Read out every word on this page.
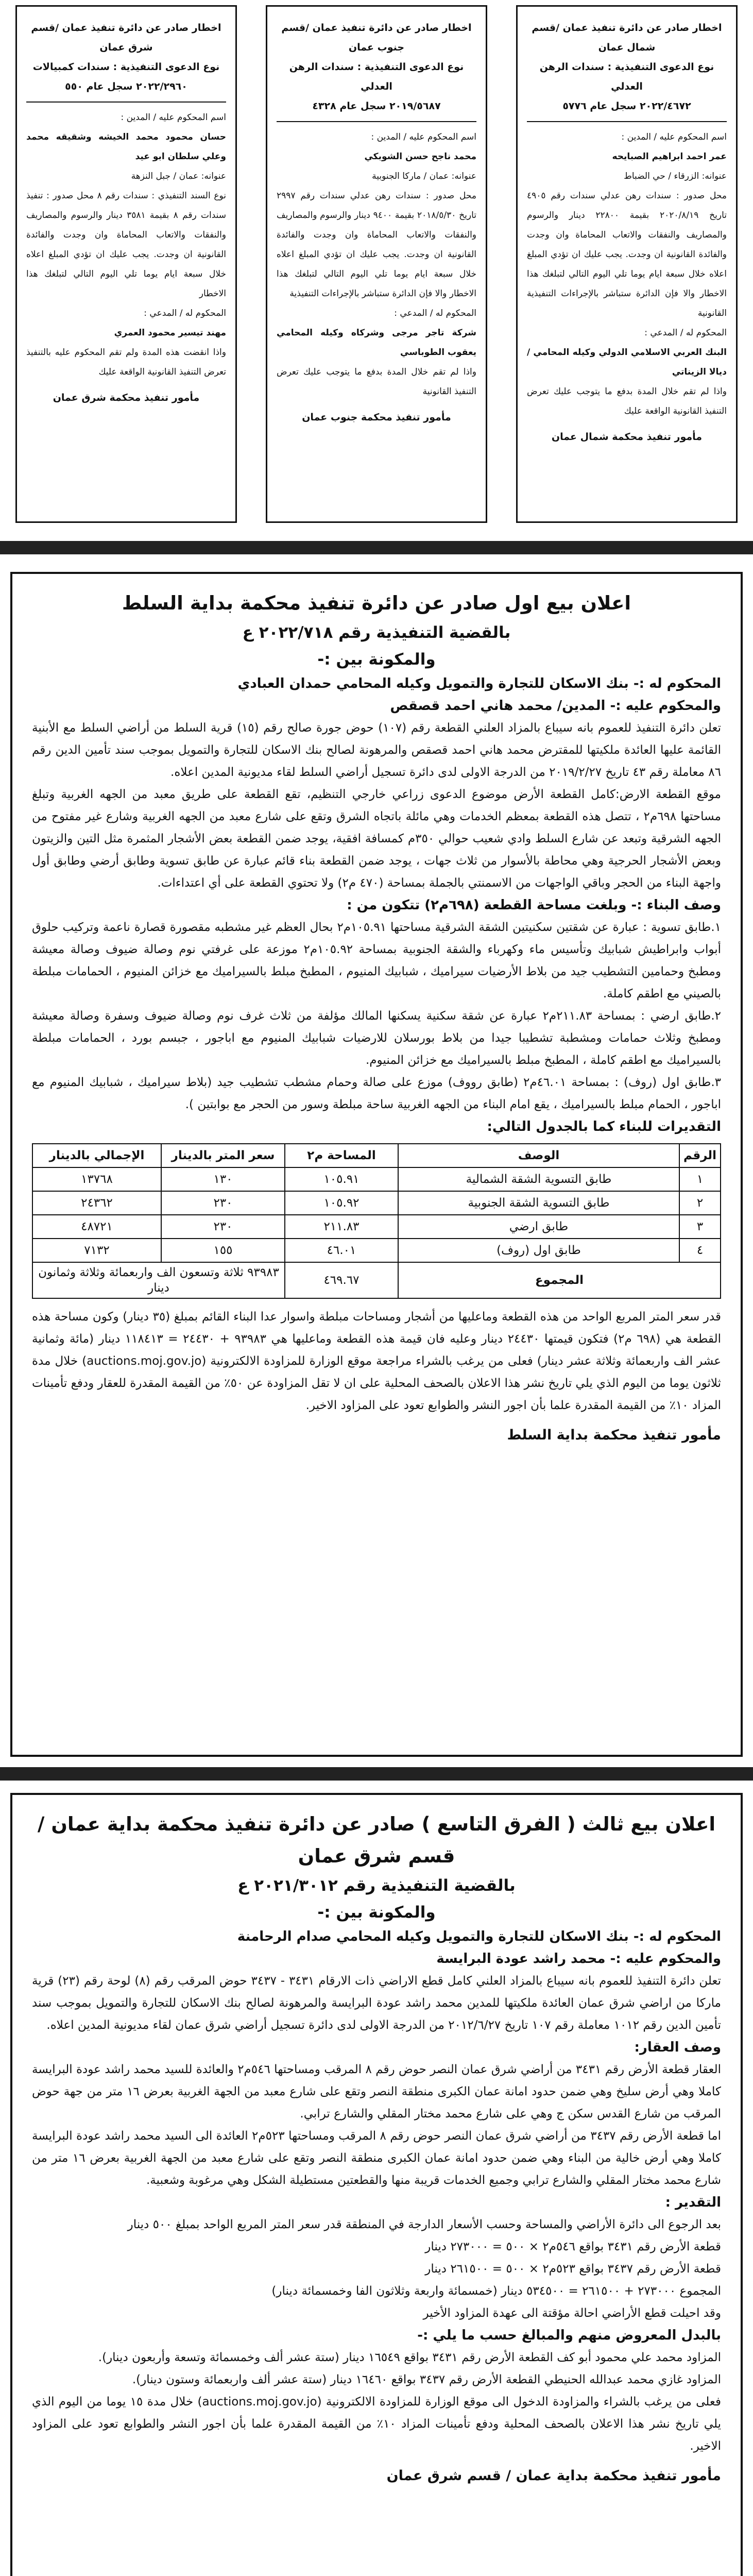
اخطار صادر عن دائرة تنفيذ عمان /قسم شمال عمان
نوع الدعوى التنفيذية : سندات الرهن العدلي
٢٠٢٢/٤٦٧٢ سجل عام ٥٧٧٦
اسم المحكوم عليه / المدين :
عمر احمد ابراهيم الصبايحه
عنوانه: الزرقاء / حي الضباط
محل صدور : سندات رهن عدلي سندات رقم ٤٩٠٥ تاريخ ٢٠٢٠/٨/١٩ بقيمة ٢٢٨٠٠ دينار والرسوم والمصاريف والنفقات والاتعاب المحاماة وان وجدت والفائدة القانونية ان وجدت. يجب عليك ان تؤدي المبلغ اعلاه خلال سبعة ايام يوما تلي اليوم التالي لتبلغك هذا الاخطار والا فإن الدائرة ستباشر بالإجراءات التنفيذية القانونية
المحكوم له / المدعي :
البنك العربي الاسلامي الدولي وكيله المحامي / ديالا الزيناتي
واذا لم تقم خلال المدة بدفع ما يتوجب عليك تعرض التنفيذ القانونية الواقعة عليك
مأمور تنفيذ محكمة شمال عمان
اخطار صادر عن دائرة تنفيذ عمان /قسم جنوب عمان
نوع الدعوى التنفيذية : سندات الرهن العدلي
٢٠١٩/٥٦٨٧ سجل عام ٤٣٢٨
اسم المحكوم عليه / المدين :
محمد ناجح حسن الشوبكي
عنوانه: عمان / ماركا الجنوبية
محل صدور : سندات رهن عدلي سندات رقم ٢٩٩٧ تاريخ ٢٠١٨/٥/٣٠ بقيمة ٩٤٠٠ دينار والرسوم والمصاريف والنفقات والاتعاب المحاماة وان وجدت والفائدة القانونية ان وجدت. يجب عليك ان تؤدي المبلغ اعلاه خلال سبعة ايام يوما تلي اليوم التالي لتبلغك هذا الاخطار والا فإن الدائرة ستباشر بالإجراءات التنفيذية
المحكوم له / المدعي :
شركة تاجر مرجى وشركاه وكيله المحامي يعقوب الطوباسي
واذا لم تقم خلال المدة بدفع ما يتوجب عليك تعرض التنفيذ القانونية
مأمور تنفيذ محكمة جنوب عمان
اخطار صادر عن دائرة تنفيذ عمان /قسم شرق عمان
نوع الدعوى التنفيذية : سندات كمبيالات
٢٠٢٢/٢٩٦٠ سجل عام ٥٥٠
اسم المحكوم عليه / المدين :
حسان محمود محمد الخيشه وشقيقه محمد وعلي سلطان ابو عيد
عنوانه: عمان / جبل النزهة
نوع السند التنفيذي : سندات رقم ٨ محل صدور : تنفيذ سندات رقم ٨ بقيمة ٣٥٨١ دينار والرسوم والمصاريف والنفقات والاتعاب المحاماة وان وجدت والفائدة القانونية ان وجدت. يجب عليك ان تؤدي المبلغ اعلاه خلال سبعة ايام يوما تلي اليوم التالي لتبلغك هذا الاخطار
المحكوم له / المدعي :
مهند تيسير محمود العمري
واذا انقضت هذه المدة ولم تقم المحكوم عليه بالتنفيذ تعرض التنفيذ القانونية الواقعة عليك
مأمور تنفيذ محكمة شرق عمان
اعلان بيع اول صادر عن دائرة تنفيذ محكمة بداية السلط
بالقضية التنفيذية رقم ٢٠٢٢/٧١٨ ع
والمكونة بين :-
المحكوم له :- بنك الاسكان للتجارة والتمويل وكيله المحامي حمدان العبادي
والمحكوم عليه :- المدين/ محمد هاني احمد قصقص
تعلن دائرة التنفيذ للعموم بانه سيباع بالمزاد العلني القطعة رقم (١٠٧) حوض جورة صالح رقم (١٥) قرية السلط من أراضي السلط مع الأبنية القائمة عليها العائدة ملكيتها للمقترض محمد هاني احمد قصقص والمرهونة لصالح بنك الاسكان للتجارة والتمويل بموجب سند تأمين الدين رقم ٨٦ معاملة رقم ٤٣ تاريخ ٢٠١٩/٢/٢٧ من الدرجة الاولى لدى دائرة تسجيل أراضي السلط لقاء مديونية المدين اعلاه.
موقع القطعة الارض:كامل القطعة الأرض موضوع الدعوى زراعي خارجي التنظيم، تقع القطعة على طريق معبد من الجهه الغربية وتبلغ مساحتها ٦٩٨م٢ ، تتصل هذه القطعة بمعظم الخدمات وهي مائلة باتجاه الشرق وتقع على شارع معبد من الجهه الغربية وشارع غير مفتوح من الجهه الشرقية وتبعد عن شارع السلط وادي شعيب حوالي ٣٥٠م كمسافة افقية، يوجد ضمن القطعة بعض الأشجار المثمرة مثل التين والزيتون وبعض الأشجار الحرجية وهي محاطة بالأسوار من ثلاث جهات ، يوجد ضمن القطعة بناء قائم عبارة عن طابق تسوية وطابق أرضي وطابق أول واجهة البناء من الحجر وباقي الواجهات من الاسمنتي بالجملة بمساحة (٤٧٠ م٢) ولا تحتوي القطعة على أي اعتداءات.
وصف البناء :- وبلغت مساحة القطعة (٦٩٨م٢) تتكون من :
١.طابق تسوية : عبارة عن شقتين سكنيتين الشقة الشرقية مساحتها ١٠٥.٩١م٢ بحال العظم غير مشطبه مقصورة قصارة ناعمة وتركيب حلوق أبواب وابراطيش شبابيك وتأسيس ماء وكهرباء والشقة الجنوبية بمساحة ١٠٥.٩٢م٢ موزعة على غرفتي نوم وصالة ضيوف وصالة معيشة ومطبخ وحمامين التشطيب جيد من بلاط الأرضيات سيراميك ، شبابيك المنيوم ، المطبخ مبلط بالسيراميك مع خزائن المنيوم ، الحمامات مبلطة بالصيني مع اطقم كاملة.
٢.طابق ارضي : بمساحة ٢١١.٨٣م٢ عبارة عن شقة سكنية يسكنها المالك مؤلفة من ثلاث غرف نوم وصالة ضيوف وسفرة وصالة معيشة ومطبخ وثلاث حمامات ومشطبة تشطيبا جيدا من بلاط بورسلان للارضيات شبابيك المنيوم مع اباجور ، جبسم بورد ، الحمامات مبلطة بالسيراميك مع اطقم كاملة ، المطبخ مبلط بالسيراميك مع خزائن المنيوم.
٣.طابق اول (روف) : بمساحة ٤٦.٠١م٢ (طابق رووف) موزع على صالة وحمام مشطب تشطيب جيد (بلاط سيراميك ، شبابيك المنيوم مع اباجور ، الحمام مبلط بالسيراميك ، يقع امام البناء من الجهه الغربية ساحة مبلطة وسور من الحجر مع بوابتين ).
التقديرات للبناء كما بالجدول التالي:
الرقم	الوصف	المساحة م٢	سعر المتر بالدينار	الإجمالي بالدينار
١	طابق التسوية الشقة الشمالية	١٠٥.٩١	١٣٠	١٣٧٦٨
٢	طابق التسوية الشقة الجنوبية	١٠٥.٩٢	٢٣٠	٢٤٣٦٢
٣	طابق ارضي	٢١١.٨٣	٢٣٠	٤٨٧٢١
٤	طابق اول (روف)	٤٦.٠١	١٥٥	٧١٣٢
المجموع		٤٦٩.٦٧	٩٣٩٨٣ ثلاثة وتسعون الف واربعمائة وثلاثة وثمانون دينار	
قدر سعر المتر المربع الواحد من هذه القطعة وماعليها من أشجار ومساحات مبلطة واسوار عدا البناء القائم بمبلغ (٣٥ دينار) وكون مساحة هذه القطعة هي (٦٩٨ م٢) فتكون قيمتها ٢٤٤٣٠ دينار وعليه فان قيمة هذه القطعة وماعليها هي ٩٣٩٨٣ + ٢٤٤٣٠ = ١١٨٤١٣ دينار (مائة وثمانية عشر الف واربعمائة وثلاثة عشر دينار) فعلى من يرغب بالشراء مراجعة موقع الوزارة للمزاودة الالكترونية (auctions.moj.gov.jo) خلال مدة ثلاثون يوما من اليوم الذي يلي تاريخ نشر هذا الاعلان بالصحف المحلية على ان لا تقل المزاودة عن ٥٠٪ من القيمة المقدرة للعقار ودفع تأمينات المزاد ١٠٪ من القيمة المقدرة علما بأن اجور النشر والطوابع تعود على المزاود الاخير.
مأمور تنفيذ محكمة بداية السلط
اعلان بيع ثالث ( الفرق التاسع ) صادر عن دائرة تنفيذ محكمة بداية عمان / قسم شرق عمان
بالقضية التنفيذية رقم ٢٠٢١/٣٠١٢ ع
والمكونة بين :-
المحكوم له :- بنك الاسكان للتجارة والتمويل وكيله المحامي صدام الرحامنة
والمحكوم عليه :- محمد راشد عودة البرايسة
تعلن دائرة التنفيذ للعموم بانه سيباع بالمزاد العلني كامل قطع الاراضي ذات الارقام ٣٤٣١ - ٣٤٣٧ حوض المرقب رقم (٨) لوحة رقم (٢٣) قرية ماركا من اراضي شرق عمان العائدة ملكيتها للمدين محمد راشد عودة البرايسة والمرهونة لصالح بنك الاسكان للتجارة والتمويل بموجب سند تأمين الدين رقم ١٠١٢ معاملة رقم ١٠٧ تاريخ ٢٠١٢/٦/٢٧ من الدرجة الاولى لدى دائرة تسجيل أراضي شرق عمان لقاء مديونية المدين اعلاه.
وصف العقار:
العقار قطعة الأرض رقم ٣٤٣١ من أراضي شرق عمان النصر حوض رقم ٨ المرقب ومساحتها ٥٤٦م٢ والعائدة للسيد محمد راشد عودة البرايسة كاملا وهي أرض سليخ وهي ضمن حدود امانة عمان الكبرى منطقة النصر وتقع على شارع معبد من الجهة الغربية بعرض ١٦ متر من جهة حوض المرقب من شارع القدس سكن ج وهي على شارع محمد مختار المقلي والشارع ترابي.
اما قطعة الأرض رقم ٣٤٣٧ من أراضي شرق عمان النصر حوض رقم ٨ المرقب ومساحتها ٥٢٣م٢ العائدة الى السيد محمد راشد عودة البرايسة كاملا وهي أرض خالية من البناء وهي ضمن حدود امانة عمان الكبرى منطقة النصر وتقع على شارع معبد من الجهة الغربية بعرض ١٦ متر من شارع محمد مختار المقلي والشارع ترابي وجميع الخدمات قريبة منها والقطعتين مستطيلة الشكل وهي مرغوبة وشعبية.
التقدير :
بعد الرجوع الى دائرة الأراضي والمساحة وحسب الأسعار الدارجة في المنطقة قدر سعر المتر المربع الواحد بمبلغ ٥٠٠ دينار
قطعة الأرض رقم ٣٤٣١ بواقع ٥٤٦م٢ × ٥٠٠ = ٢٧٣٠٠٠ دينار
قطعة الأرض رقم ٣٤٣٧ بواقع ٥٢٣م٢ × ٥٠٠ = ٢٦١٥٠٠ دينار
المجموع ٢٧٣٠٠٠ + ٢٦١٥٠٠ = ٥٣٤٥٠٠ دينار (خمسمائة واربعة وثلاثون الفا وخمسمائة دينار)
وقد احيلت قطع الأراضي احالة مؤقتة الى عهدة المزاود الأخير
بالبدل المعروض منهم والمبالغ حسب ما يلي :-
المزاود محمد علي محمود أبو كف القطعة الأرض رقم ٣٤٣١ بواقع ١٦٥٤٩ دينار (ستة عشر ألف وخمسمائة وتسعة وأربعون دينار).
المزاود غازي محمد عبدالله الحنيطي القطعة الأرض رقم ٣٤٣٧ بواقع ١٦٤٦٠ دينار (ستة عشر ألف واربعمائة وستون دينار).
فعلى من يرغب بالشراء والمزاودة الدخول الى موقع الوزارة للمزاودة الالكترونية (auctions.moj.gov.jo) خلال مدة ١٥ يوما من اليوم الذي يلي تاريخ نشر هذا الاعلان بالصحف المحلية ودفع تأمينات المزاد ١٠٪ من القيمة المقدرة علما بأن اجور النشر والطوابع تعود على المزاود الاخير.
مأمور تنفيذ محكمة بداية عمان / قسم شرق عمان
